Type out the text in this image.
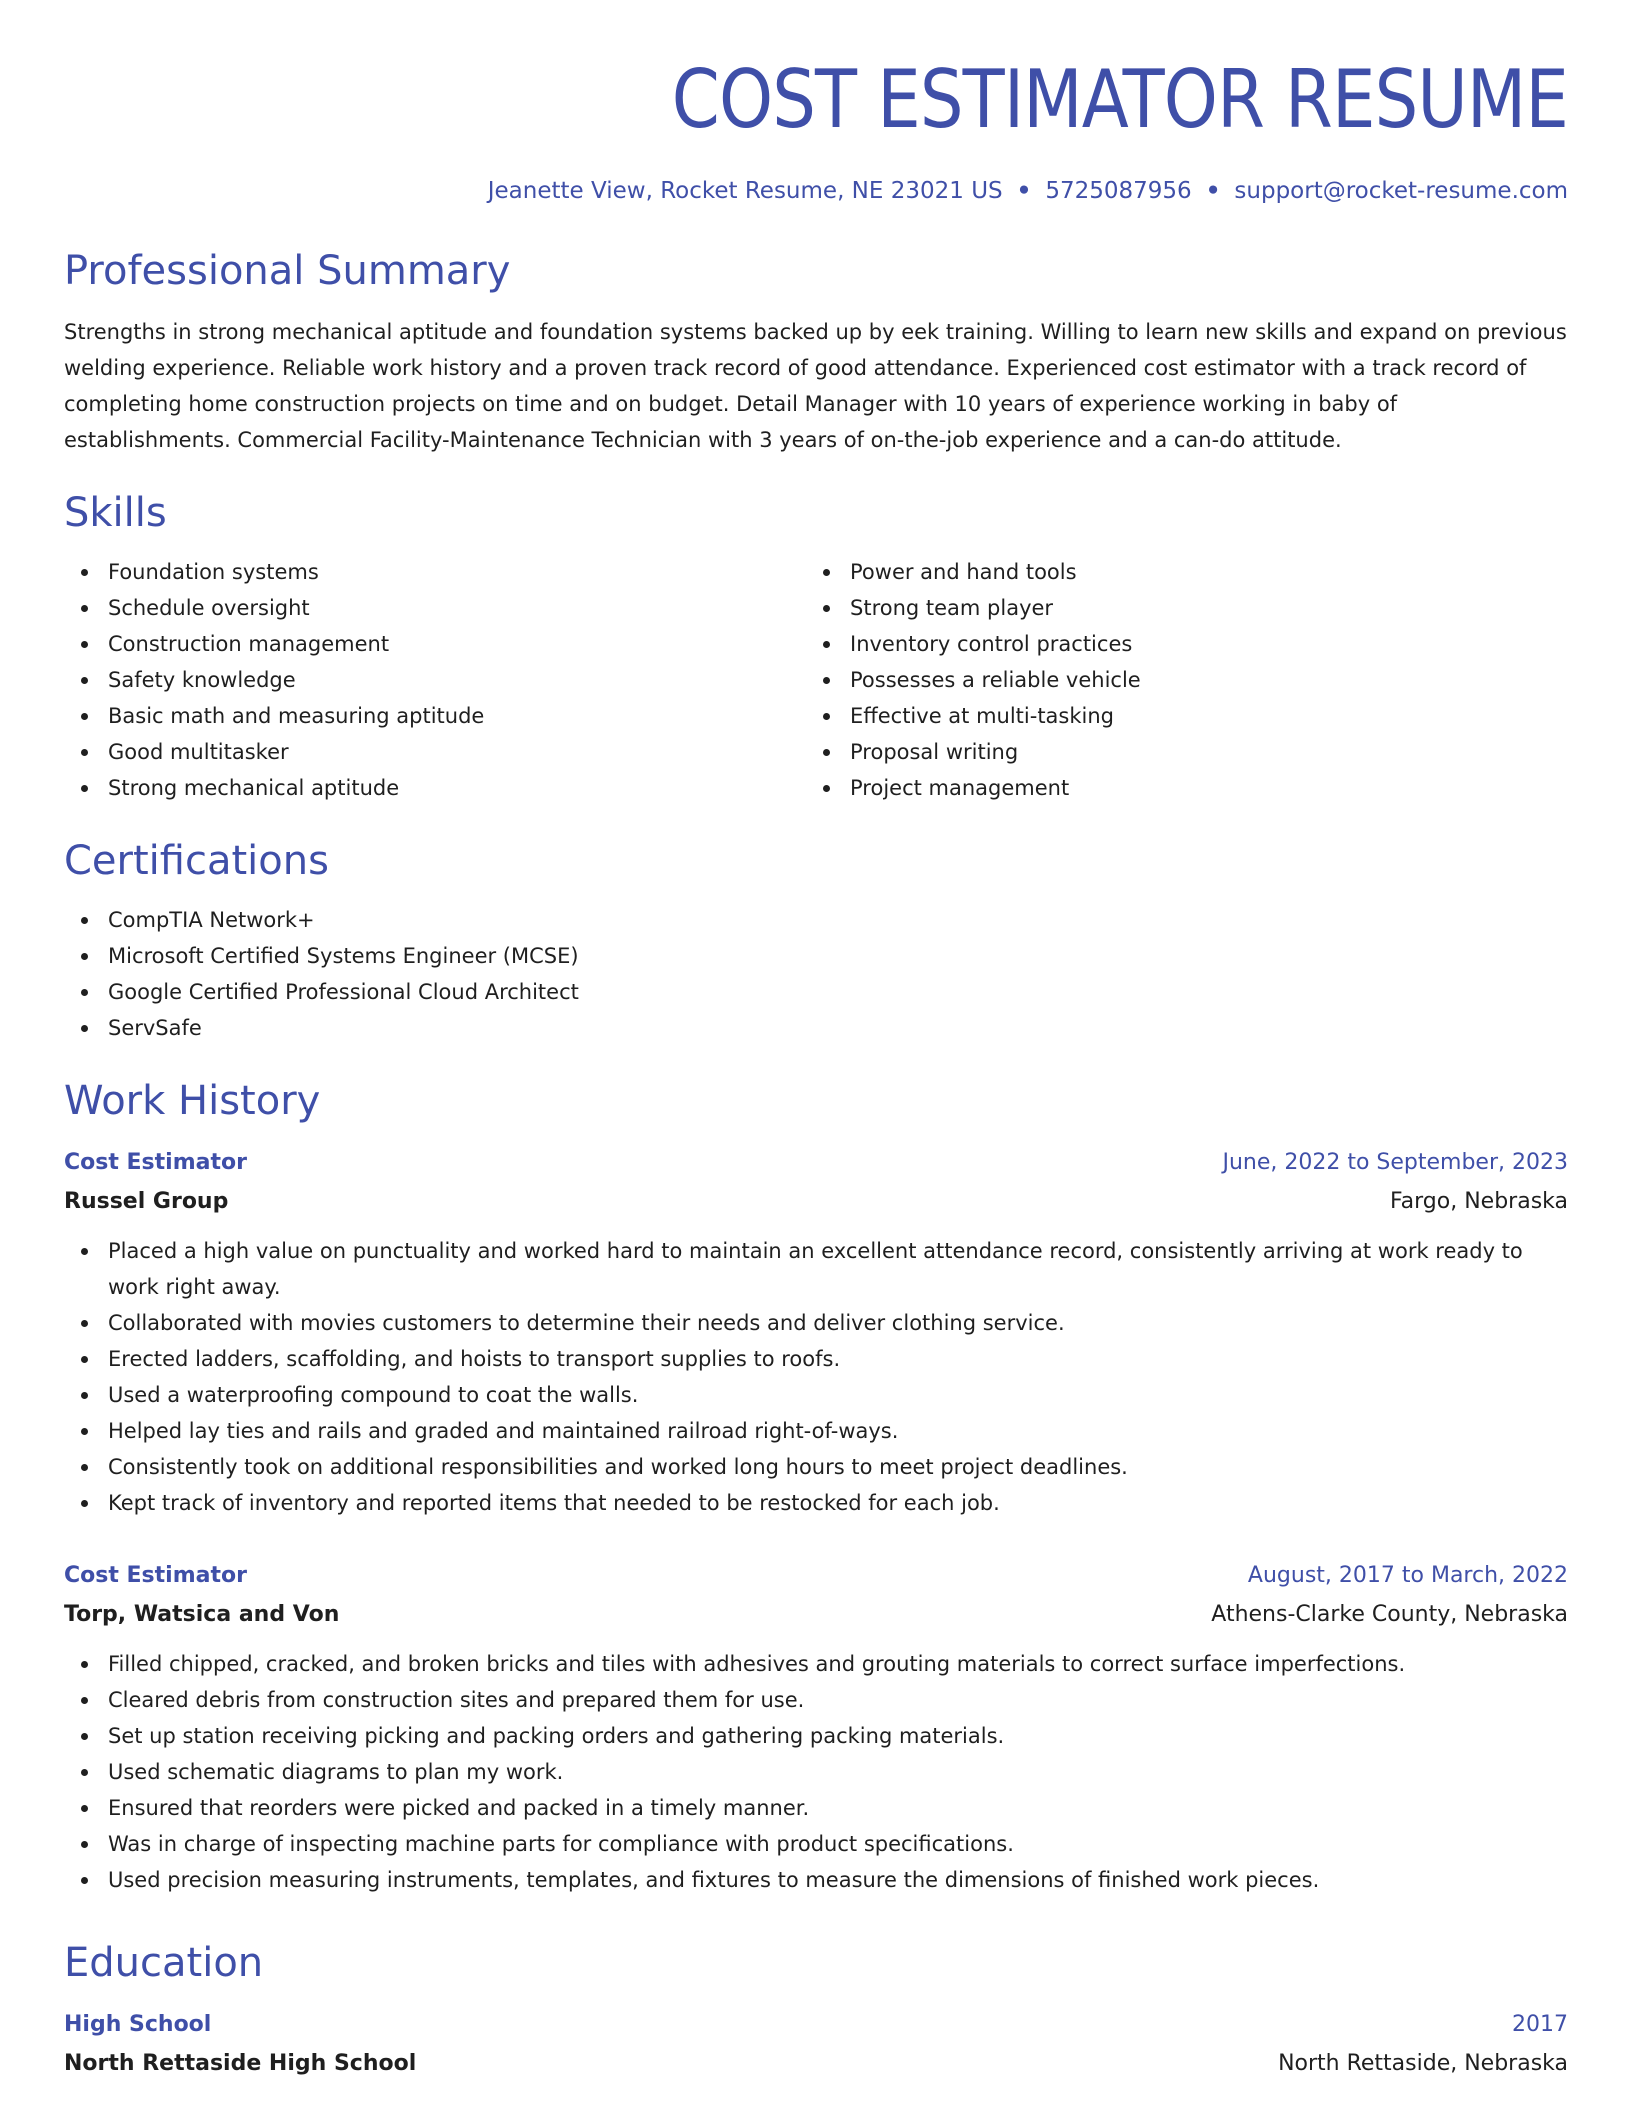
COST ESTIMATOR RESUME
Jeanette View, Rocket Resume, NE 23021 US • 5725087956 • support@rocket-resume.com
Professional Summary

Strengths in strong mechanical aptitude and foundation systems backed up by eek training. Willing to learn new skills and expand on previous welding experience. Reliable work history and a proven track record of good attendance. Experienced cost estimator with a track record of completing home construction projects on time and on budget. Detail Manager with 10 years of experience working in baby of establishments. Commercial Facility-Maintenance Technician with 3 years of on-the-job experience and a can-do attitude.

Skills
Foundation systems
Schedule oversight
Construction management
Safety knowledge
Basic math and measuring aptitude
Good multitasker
Strong mechanical aptitude
Power and hand tools
Strong team player
Inventory control practices
Possesses a reliable vehicle
Effective at multi-tasking
Proposal writing
Project management
Certifications
CompTIA Network+
Microsoft Certified Systems Engineer (MCSE)
Google Certified Professional Cloud Architect
ServSafe
Work History
Cost Estimator	June, 2022 to September, 2023
Russel Group	Fargo, Nebraska
Placed a high value on punctuality and worked hard to maintain an excellent attendance record, consistently arriving at work ready to work right away.
Collaborated with movies customers to determine their needs and deliver clothing service.
Erected ladders, scaffolding, and hoists to transport supplies to roofs.
Used a waterproofing compound to coat the walls.
Helped lay ties and rails and graded and maintained railroad right-of-ways.
Consistently took on additional responsibilities and worked long hours to meet project deadlines.
Kept track of inventory and reported items that needed to be restocked for each job.
Cost Estimator	August, 2017 to March, 2022
Torp, Watsica and Von	Athens-Clarke County, Nebraska
Filled chipped, cracked, and broken bricks and tiles with adhesives and grouting materials to correct surface imperfections.
Cleared debris from construction sites and prepared them for use.
Set up station receiving picking and packing orders and gathering packing materials.
Used schematic diagrams to plan my work.
Ensured that reorders were picked and packed in a timely manner.
Was in charge of inspecting machine parts for compliance with product specifications.
Used precision measuring instruments, templates, and fixtures to measure the dimensions of finished work pieces.
Education
High School	2017
North Rettaside High School	North Rettaside, Nebraska
